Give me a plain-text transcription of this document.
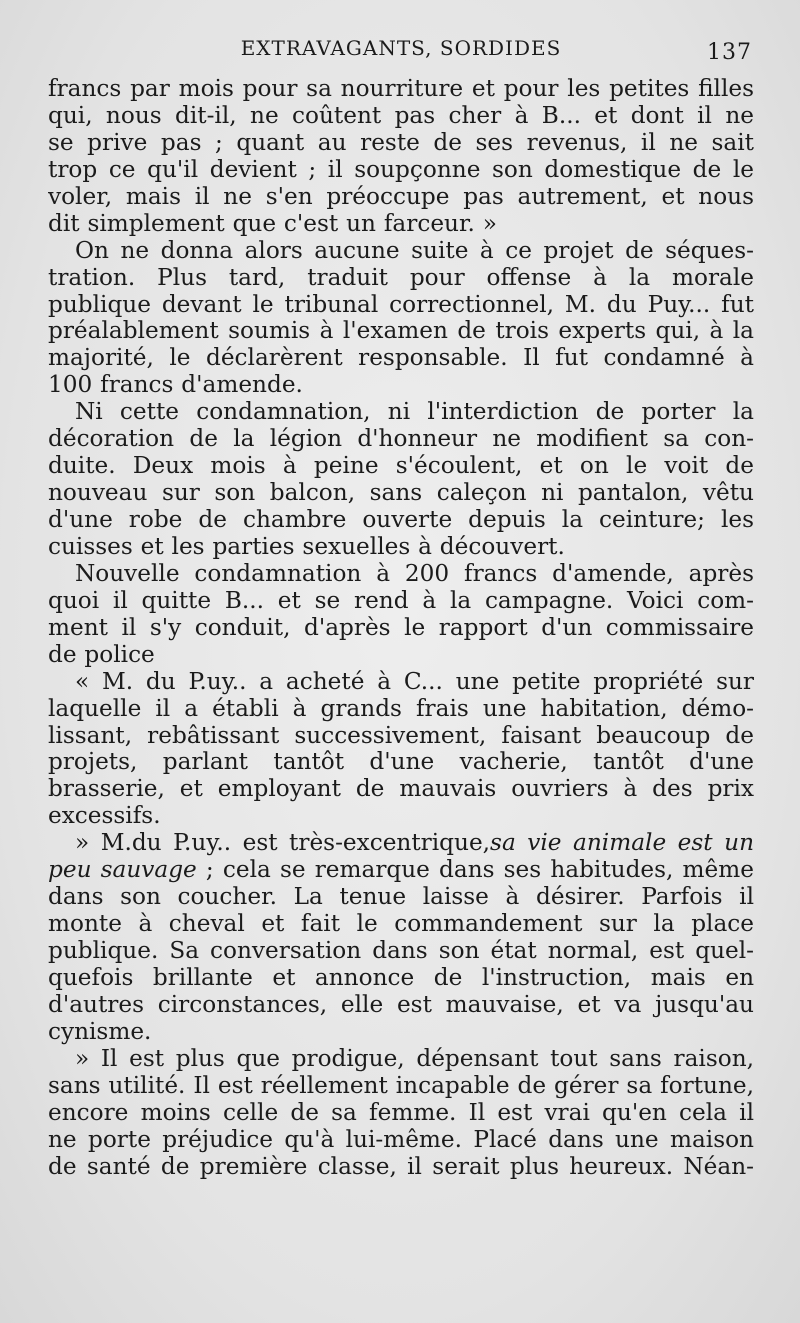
EXTRAVAGANTS, SORDIDES	137
francs par mois pour sa nourriture et pour les petites filles
qui, nous dit-il, ne coûtent pas cher à B... et dont il ne
se prive pas ; quant au reste de ses revenus, il ne sait
trop ce qu'il devient ; il soupçonne son domestique de le
voler, mais il ne s'en préoccupe pas autrement, et nous
dit simplement que c'est un farceur. »
On ne donna alors aucune suite à ce projet de séques-
tration. Plus tard, traduit pour offense à la morale
publique devant le tribunal correctionnel, M. du Puy... fut
préalablement soumis à l'examen de trois experts qui, à la
majorité, le déclarèrent responsable. Il fut condamné à
100 francs d'amende.
Ni cette condamnation, ni l'interdiction de porter la
décoration de la légion d'honneur ne modifient sa con-
duite. Deux mois à peine s'écoulent, et on le voit de
nouveau sur son balcon, sans caleçon ni pantalon, vêtu
d'une robe de chambre ouverte depuis la ceinture; les
cuisses et les parties sexuelles à découvert.
Nouvelle condamnation à 200 francs d'amende, après
quoi il quitte B... et se rend à la campagne. Voici com-
ment il s'y conduit, d'après le rapport d'un commissaire
de police
« M. du P.uy.. a acheté à C... une petite propriété sur
laquelle il a établi à grands frais une habitation, démo-
lissant, rebâtissant successivement, faisant beaucoup de
projets, parlant tantôt d'une vacherie, tantôt d'une
brasserie, et employant de mauvais ouvriers à des prix
excessifs.
» M.du P.uy.. est très-excentrique,sa vie animale est un
peu sauvage ; cela se remarque dans ses habitudes, même
dans son coucher. La tenue laisse à désirer. Parfois il
monte à cheval et fait le commandement sur la place
publique. Sa conversation dans son état normal, est quel-
quefois brillante et annonce de l'instruction, mais en
d'autres circonstances, elle est mauvaise, et va jusqu'au
cynisme.
» Il est plus que prodigue, dépensant tout sans raison,
sans utilité. Il est réellement incapable de gérer sa fortune,
encore moins celle de sa femme. Il est vrai qu'en cela il
ne porte préjudice qu'à lui-même. Placé dans une maison
de santé de première classe, il serait plus heureux. Néan-
